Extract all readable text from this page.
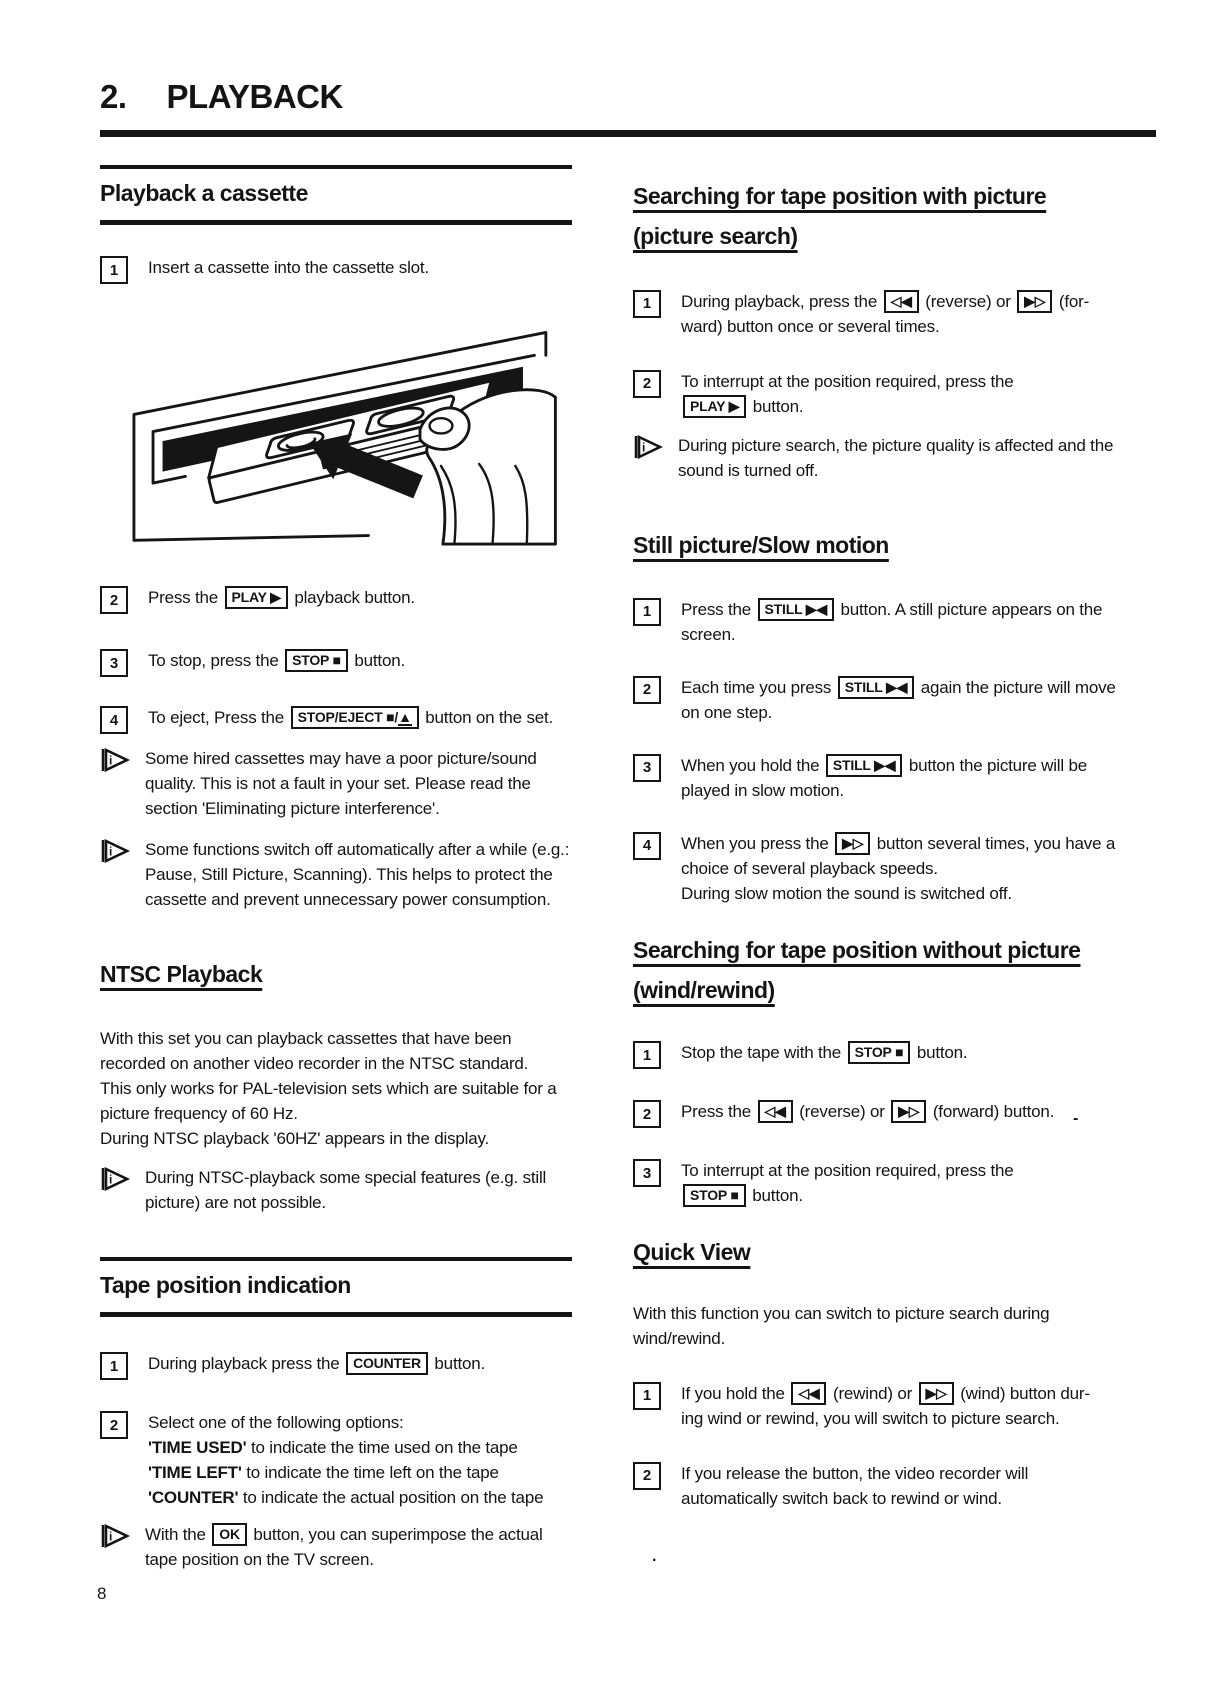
2. PLAYBACK
Playback a cassette
1	Insert a cassette into the cassette slot.
2	Press the PLAY ▶ playback button.
3	To stop, press the STOP ■ button.
4	To eject, Press the STOP/EJECT ■/▲ button on the set.
i Some hired cassettes may have a poor picture/sound quality. This is not a fault in your set. Please read the section 'Eliminating picture interference'.
i Some functions switch off automatically after a while (e.g.: Pause, Still Picture, Scanning). This helps to protect the cassette and prevent unnecessary power consumption.
NTSC Playback
With this set you can playback cassettes that have been recorded on another video recorder in the NTSC standard.
This only works for PAL-television sets which are suitable for a picture frequency of 60 Hz.
During NTSC playback '60HZ' appears in the display.
i During NTSC-playback some special features (e.g. still picture) are not possible.
Tape position indication
1	During playback press the COUNTER button.
2	Select one of the following options:
'TIME USED' to indicate the time used on the tape
'TIME LEFT' to indicate the time left on the tape
'COUNTER' to indicate the actual position on the tape
i With the OK button, you can superimpose the actual tape position on the TV screen.
Searching for tape position with picture
(picture search)
1	During playback, press the ◁◀ (reverse) or ▶▷ (for-
ward) button once or several times.
2	To interrupt at the position required, press the
PLAY ▶ button.
i During picture search, the picture quality is affected and the sound is turned off.
Still picture/Slow motion
1	Press the STILL ▶◀ button. A still picture appears on the screen.
2	Each time you press STILL ▶◀ again the picture will move on one step.
3	When you hold the STILL ▶◀ button the picture will be played in slow motion.
4	When you press the ▶▷ button several times, you have a choice of several playback speeds.
During slow motion the sound is switched off.
Searching for tape position without picture
(wind/rewind)
1	Stop the tape with the STOP ■ button.
2	Press the ◁◀ (reverse) or ▶▷ (forward) button.
3	To interrupt at the position required, press the
STOP ■ button.
Quick View
With this function you can switch to picture search during wind/rewind.
1	If you hold the ◁◀ (rewind) or ▶▷ (wind) button dur-
ing wind or rewind, you will switch to picture search.
2	If you release the button, the video recorder will automatically switch back to rewind or wind.
8
-
.
